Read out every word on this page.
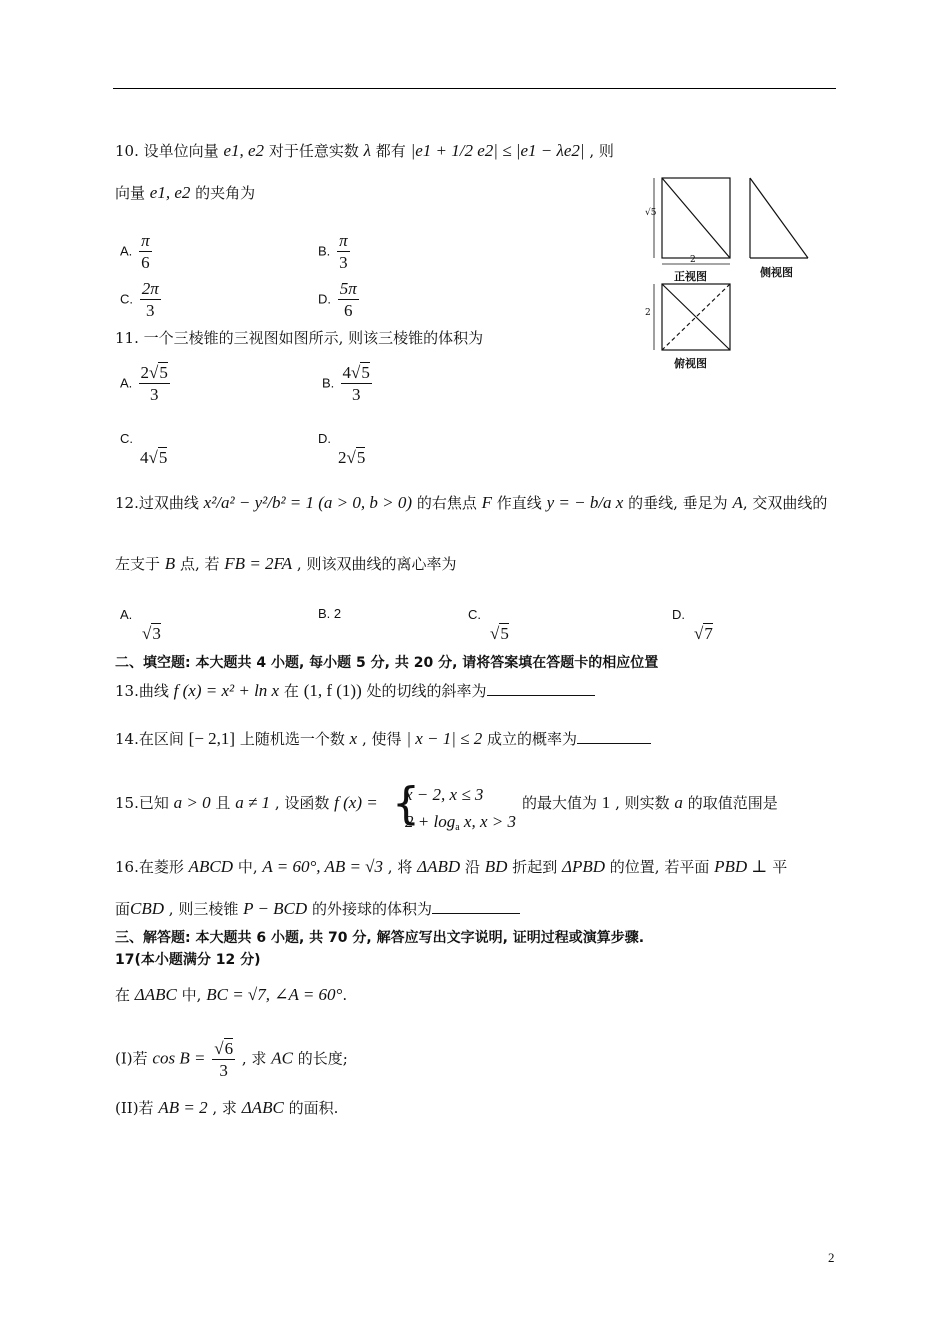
10. 设单位向量 e1, e2 对于任意实数 λ 都有 |e1 + 1/2 e2| ≤ |e1 − λe2| , 则
向量 e1, e2 的夹角为
A. $\frac{\pi}{6}$	B. $\frac{\pi}{3}$
C. $\frac{2\pi}{3}$	D. $\frac{5\pi}{6}$
√5
2
正视图	侧视图
2
俯视图
11. 一个三棱锥的三视图如图所示, 则该三棱锥的体积为
A. $\frac{2√5}{3}$	B. $\frac{4√5}{3}$
C.
4√5
D.
2√5
12.过双曲线 x²/a² − y²/b² = 1 (a > 0, b > 0) 的右焦点 F 作直线 y = − b/a x 的垂线, 垂足为 A, 交双曲线的
左支于 B 点, 若 FB = 2FA , 则该双曲线的离心率为
A.
√3
B. 2	C.
√5
D.
√7
二、填空题: 本大题共 4 小题, 每小题 5 分, 共 20 分, 请将答案填在答题卡的相应位置
13.曲线 f (x) = x² + ln x 在 (1, f (1)) 处的切线的斜率为
14.在区间 [− 2,1] 上随机选一个数 x , 使得 | x − 1| ≤ 2 成立的概率为
15.已知 a > 0 且 a ≠ 1 , 设函数 f (x) = {
x − 2, x ≤ 3
$2 + \log_a x$, x > 3
的最大值为 1 , 则实数 a 的取值范围是
16.在菱形 ABCD 中, A = 60°, AB = √3 , 将 ΔABD 沿 BD 折起到 ΔPBD 的位置, 若平面 PBD ⊥ 平
面CBD , 则三棱锥 P − BCD 的外接球的体积为
三、解答题: 本大题共 6 小题, 共 70 分, 解答应写出文字说明, 证明过程或演算步骤.
17(本小题满分 12 分)
在 ΔABC 中, BC = √7, ∠A = 60°.
(I)若 $\cos B = \frac{√6}{3}$ , 求 AC 的长度;
(II)若 AB = 2 , 求 ΔABC 的面积.
2
